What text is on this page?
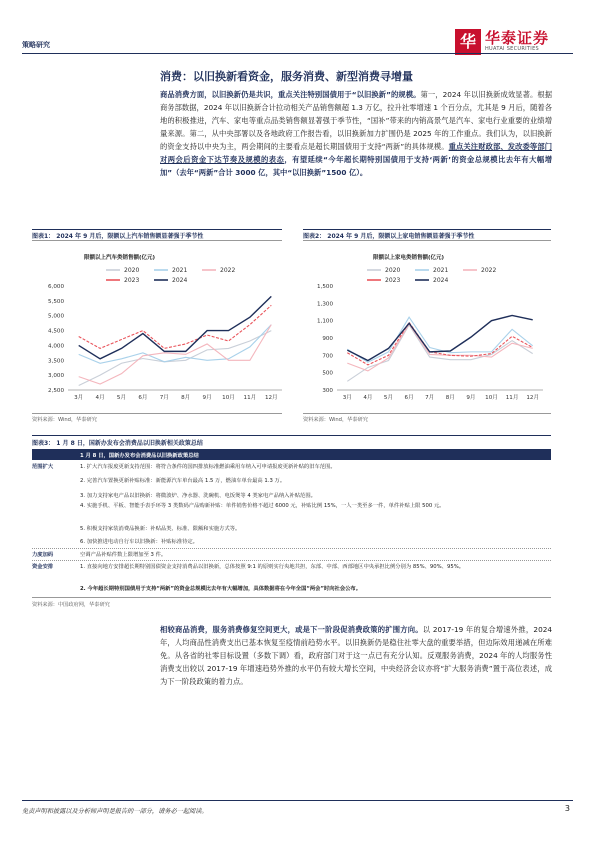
策略研究	华 华泰证券
HUATAI SECURITIES
消费：以旧换新看资金，服务消费、新型消费寻增量
商品消费方面，以旧换新仍是共识，重点关注特别国债用于“以旧换新”的规模。第一，2024 年以旧换新成效显著。根据商务部数据，2024 年以旧换新合计拉动相关产品销售额超 1.3 万亿，拉升社零增速 1 个百分点，尤其是 9 月后，随着各地的积极推进，汽车、家电等重点品类销售额显著强于季节性，“国补”带来的内销高景气是汽车、家电行业重要的业绩增量来源。第二，从中央部署以及各地政府工作报告看，以旧换新加力扩围仍是 2025 年的工作重点。我们认为，以旧换新的资金支持以中央为主，两会期间的主要看点是超长期国债用于支持“两新”的具体规模。重点关注财政部、发改委等部门对两会后资金下达节奏及规模的表态，有望延续“今年超长期特别国债用于支持‘两新’的资金总规模比去年有大幅增加”（去年“两新”合计 3000 亿，其中“以旧换新”1500 亿）。
图表1： 2024 年 9 月后，限额以上汽车销售额显著强于季节性
限额以上汽车类销售额(亿元)
2020	2021	2022
2023	2024
2,500
3,000
3,500
4,000
4,500
5,000
5,500
6,000
3月 4月 5月 6月 7月 8月 9月 10月 11月 12月
资料来源：Wind，华泰研究
图表2： 2024 年 9 月后，限额以上家电销售额显著强于季节性
限额以上家电类销售额(亿元)
2020	2021	2022
2023	2024
300
500
700
900
1,100
1,300
1,500
3月 4月 5月 6月 7月 8月 9月 10月 11月 12月
资料来源：Wind，华泰研究
图表3： 1 月 8 日，国新办发布会消费品以旧换新相关政策总结
1 月 8 日，国新办发布会消费品以旧换新政策总结
范围扩大	1. 扩大汽车报废更新支持范围：将符合条件的国四排放标准燃油乘用车纳入可申请报废更新补贴的旧车范围。
2. 完善汽车置换更新补贴标准：新能源汽车单台最高 1.5 万，燃油车单台最高 1.3 万。
3. 加力支持家电产品以旧换新：将微波炉、净水器、洗碗机、电饭煲等 4 类家电产品纳入补贴范围。
4. 实施手机、平板、智能手表手环等 3 类数码产品购新补贴：单件销售价格不超过 6000 元，补贴比例 15%，一人一类至多一件，单件补贴上限 500 元。
5. 积极支持家装消费品换新：补贴品类、标准、限额和实施方式等。
6. 加快推进电动自行车以旧换新：补贴标准待定。
力度加码	空调产品补贴件数上限增加至 3 件。
资金安排	1. 直接向地方安排超长期特别国债资金支持消费品以旧换新，总体按照 9:1 的原则实行央地共担，东部、中部、西部地区中央承担比例分别为 85%、90%、95%。
2. 今年超长期特别国债用于支持“两新”的资金总规模比去年有大幅增加，具体数据将在今年全国“两会”时向社会公布。
资料来源：中国政府网，华泰研究
相较商品消费，服务消费修复空间更大，或是下一阶段促消费政策的扩围方向。以 2017-19 年的复合增速外推，2024 年，人均商品性消费支出已基本恢复至疫情前趋势水平。以旧换新仍是稳住社零大盘的重要举措，但边际效用递减在所难免。从各省的社零目标设置（多数下调）看，政府部门对于这一点已有充分认知。反观服务消费，2024 年的人均服务性消费支出较以 2017-19 年增速趋势外推的水平仍有较大增长空间，中央经济会议亦将“扩大服务消费”置于高位表述，成为下一阶段政策的着力点。
免责声明和披露以及分析师声明是报告的一部分，请务必一起阅读。	3
